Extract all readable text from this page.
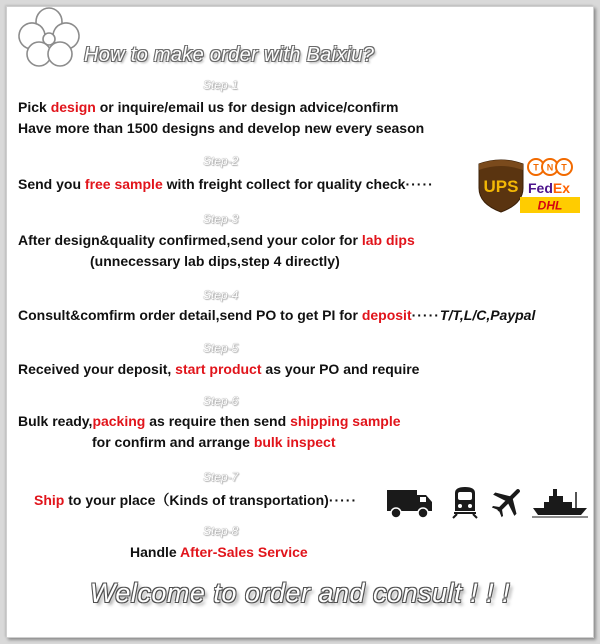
How to make order with Baixiu?
Step-1
Pick design or inquire/email us for design advice/confirm
Have more than 1500 designs and develop new every season
Step-2
Send you free sample with freight collect for quality check·····	UPS
T N T
FedEx
DHL
Step-3
After design&quality confirmed,send your color for lab dips
(unnecessary lab dips,step 4 directly)
Step-4
Consult&comfirm order detail,send PO to get PI for deposit·····T/T,L/C,Paypal
Step-5
Received your deposit, start product as your PO and require
Step-6
Bulk ready,packing as require then send shipping sample
for confirm and arrange bulk inspect
Step-7
Ship to your place（Kinds of transportation)·····
Step-8
Handle After-Sales Service
Welcome to order and consult ! ! !
